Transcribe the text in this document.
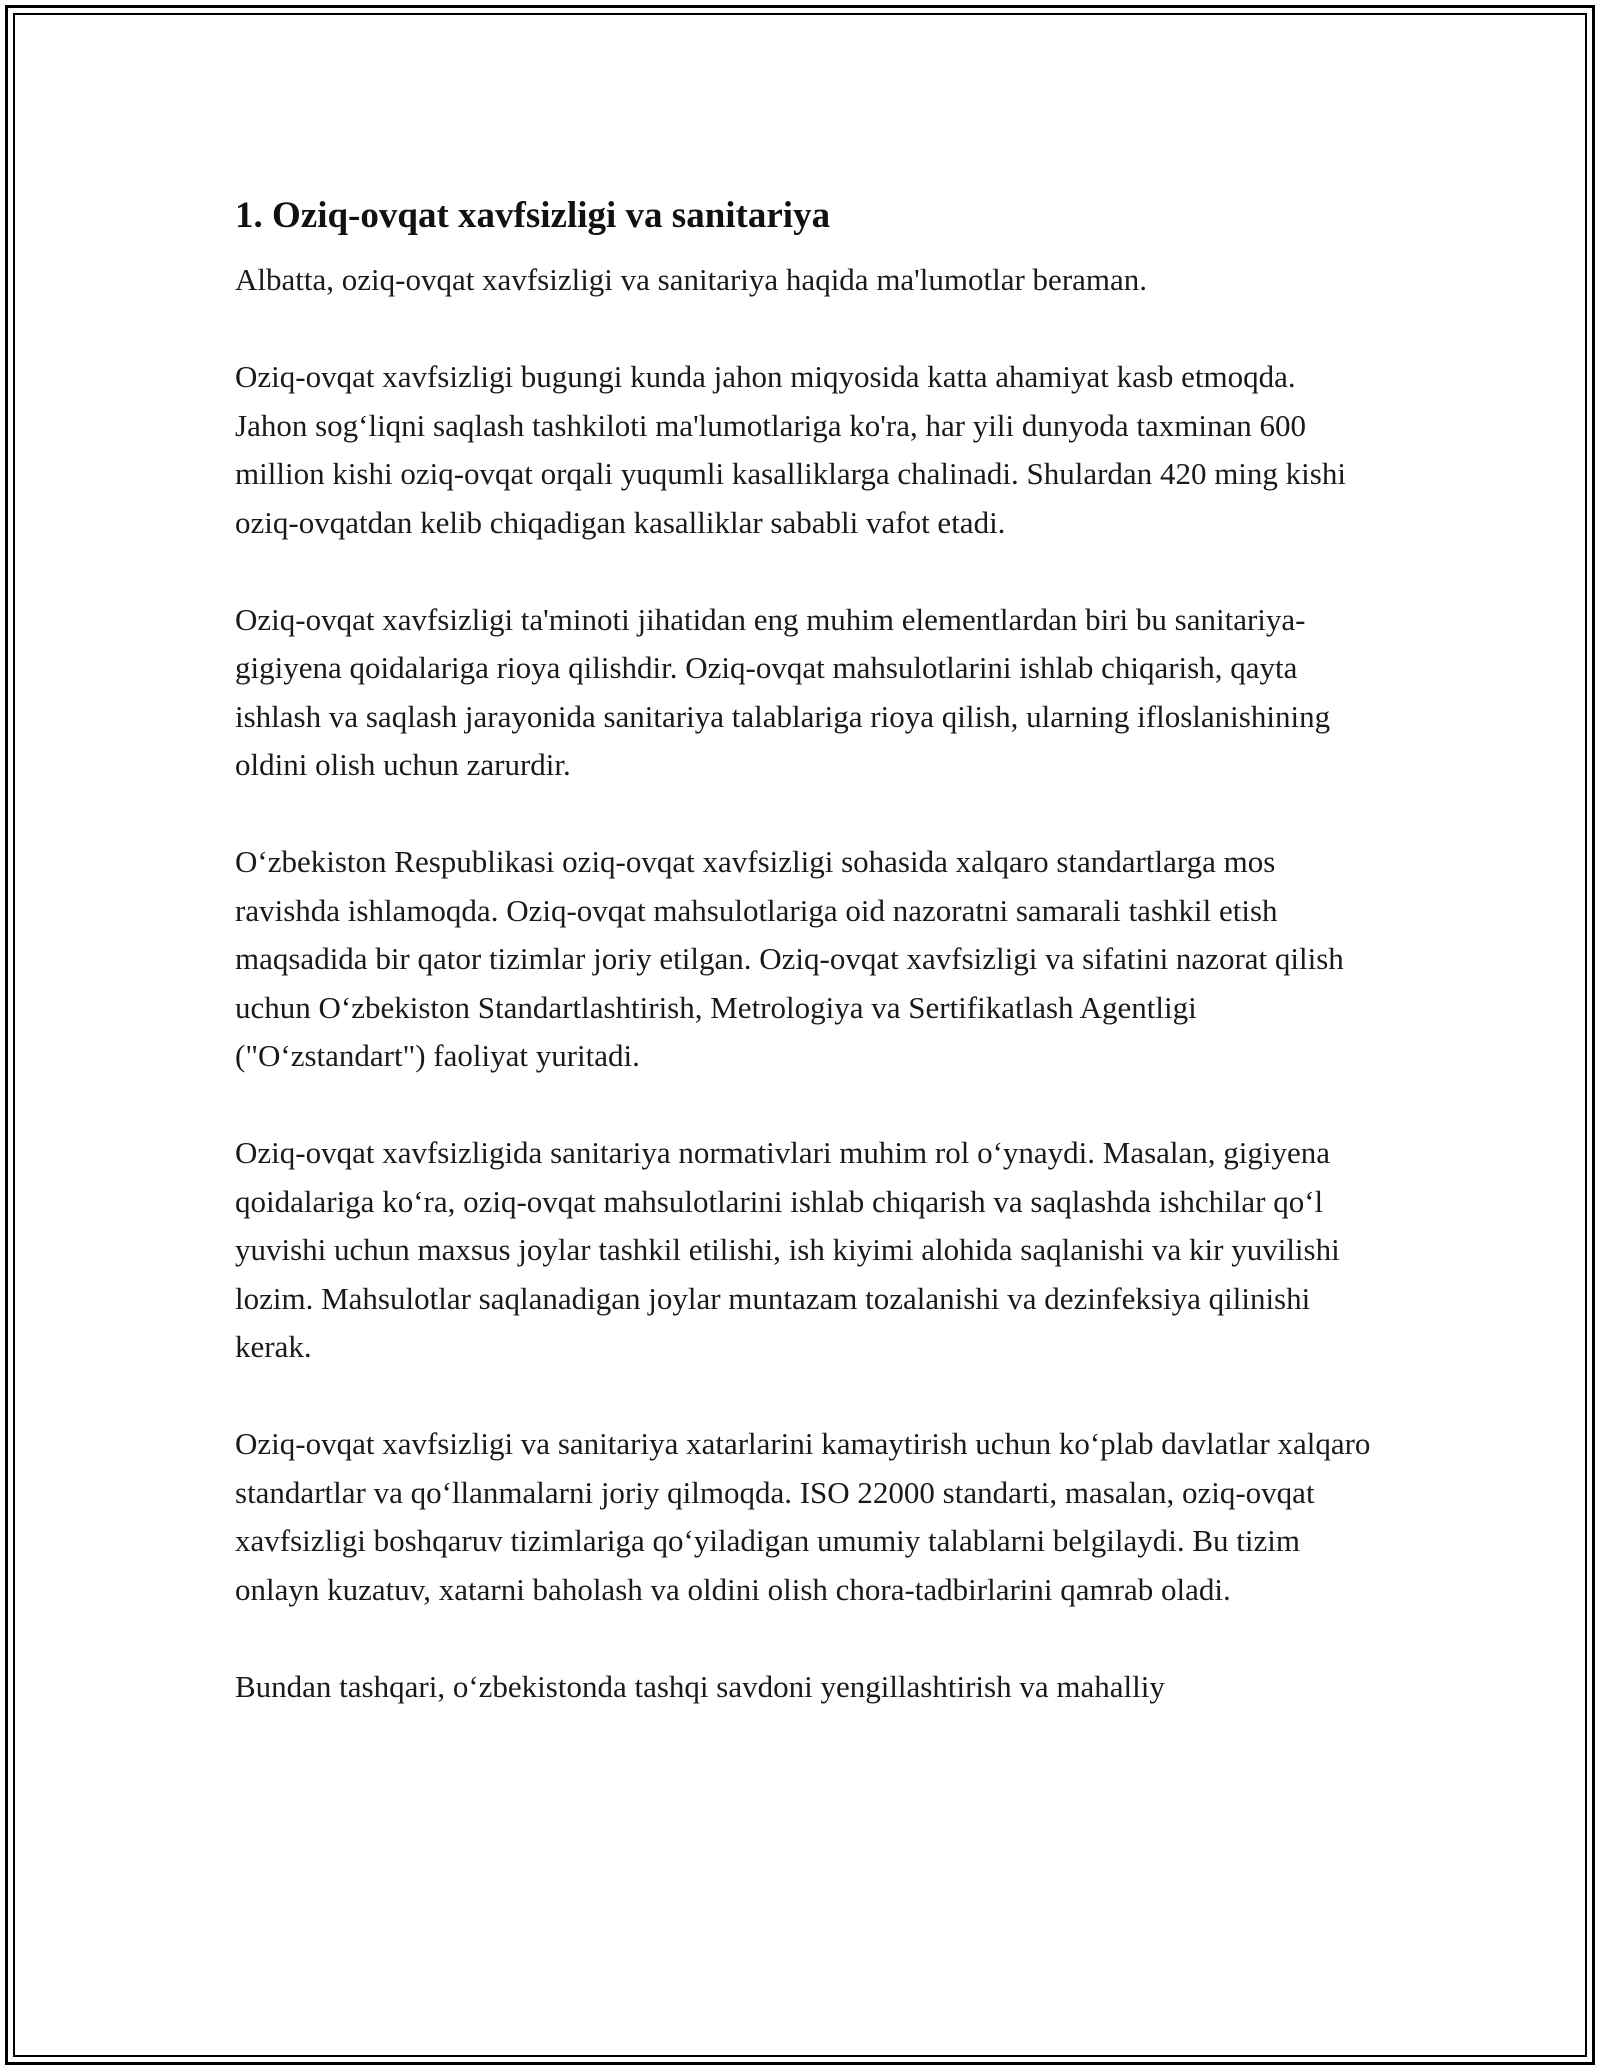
1. Oziq-ovqat xavfsizligi va sanitariya

Albatta, oziq-ovqat xavfsizligi va sanitariya haqida ma'lumotlar beraman.

Oziq-ovqat xavfsizligi bugungi kunda jahon miqyosida katta ahamiyat kasb etmoqda. Jahon sog‘liqni saqlash tashkiloti ma'lumotlariga ko'ra, har yili dunyoda taxminan 600 million kishi oziq-ovqat orqali yuqumli kasalliklarga chalinadi. Shulardan 420 ming kishi oziq-ovqatdan kelib chiqadigan kasalliklar sababli vafot etadi.

Oziq-ovqat xavfsizligi ta'minoti jihatidan eng muhim elementlardan biri bu sanitariya-gigiyena qoidalariga rioya qilishdir. Oziq-ovqat mahsulotlarini ishlab chiqarish, qayta ishlash va saqlash jarayonida sanitariya talablariga rioya qilish, ularning ifloslanishining oldini olish uchun zarurdir.

O‘zbekiston Respublikasi oziq-ovqat xavfsizligi sohasida xalqaro standartlarga mos ravishda ishlamoqda. Oziq-ovqat mahsulotlariga oid nazoratni samarali tashkil etish maqsadida bir qator tizimlar joriy etilgan. Oziq-ovqat xavfsizligi va sifatini nazorat qilish uchun O‘zbekiston Standartlashtirish, Metrologiya va Sertifikatlash Agentligi ("O‘zstandart") faoliyat yuritadi.

Oziq-ovqat xavfsizligida sanitariya normativlari muhim rol o‘ynaydi. Masalan, gigiyena qoidalariga ko‘ra, oziq-ovqat mahsulotlarini ishlab chiqarish va saqlashda ishchilar qo‘l yuvishi uchun maxsus joylar tashkil etilishi, ish kiyimi alohida saqlanishi va kir yuvilishi lozim. Mahsulotlar saqlanadigan joylar muntazam tozalanishi va dezinfeksiya qilinishi kerak.

Oziq-ovqat xavfsizligi va sanitariya xatarlarini kamaytirish uchun ko‘plab davlatlar xalqaro standartlar va qo‘llanmalarni joriy qilmoqda. ISO 22000 standarti, masalan, oziq-ovqat xavfsizligi boshqaruv tizimlariga qo‘yiladigan umumiy talablarni belgilaydi. Bu tizim onlayn kuzatuv, xatarni baholash va oldini olish chora-tadbirlarini qamrab oladi.

Bundan tashqari, o‘zbekistonda tashqi savdoni yengillashtirish va mahalliy
